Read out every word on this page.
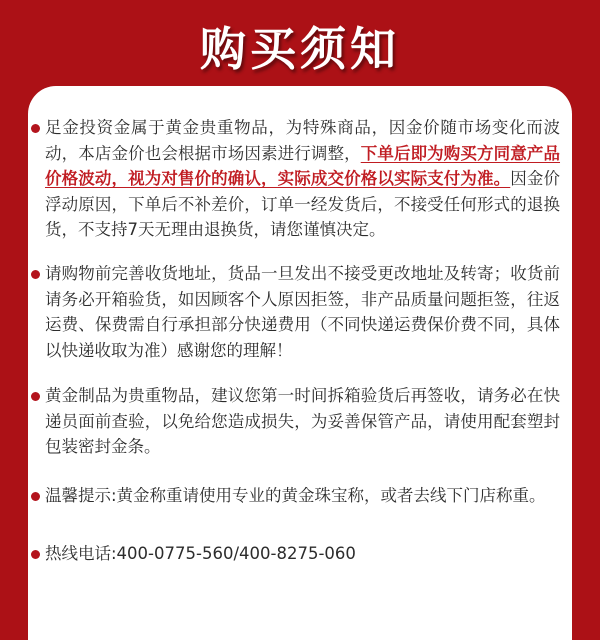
购买须知
足金投资金属于黄金贵重物品，为特殊商品，因金价随市场变化而波动，本店金价也会根据市场因素进行调整，下单后即为购买方同意产品价格波动，视为对售价的确认，实际成交价格以实际支付为准。因金价浮动原因，下单后不补差价，订单一经发货后，不接受任何形式的退换货，不支持7天无理由退换货，请您谨慎决定。
请购物前完善收货地址，货品一旦发出不接受更改地址及转寄；收货前请务必开箱验货，如因顾客个人原因拒签，非产品质量问题拒签，往返运费、保费需自行承担部分快递费用（不同快递运费保价费不同，具体以快递收取为准）感谢您的理解！
黄金制品为贵重物品，建议您第一时间拆箱验货后再签收，请务必在快递员面前查验，以免给您造成损失，为妥善保管产品，请使用配套塑封包装密封金条。
温馨提示:黄金称重请使用专业的黄金珠宝称，或者去线下门店称重。
热线电话:400-0775-560/400-8275-060
